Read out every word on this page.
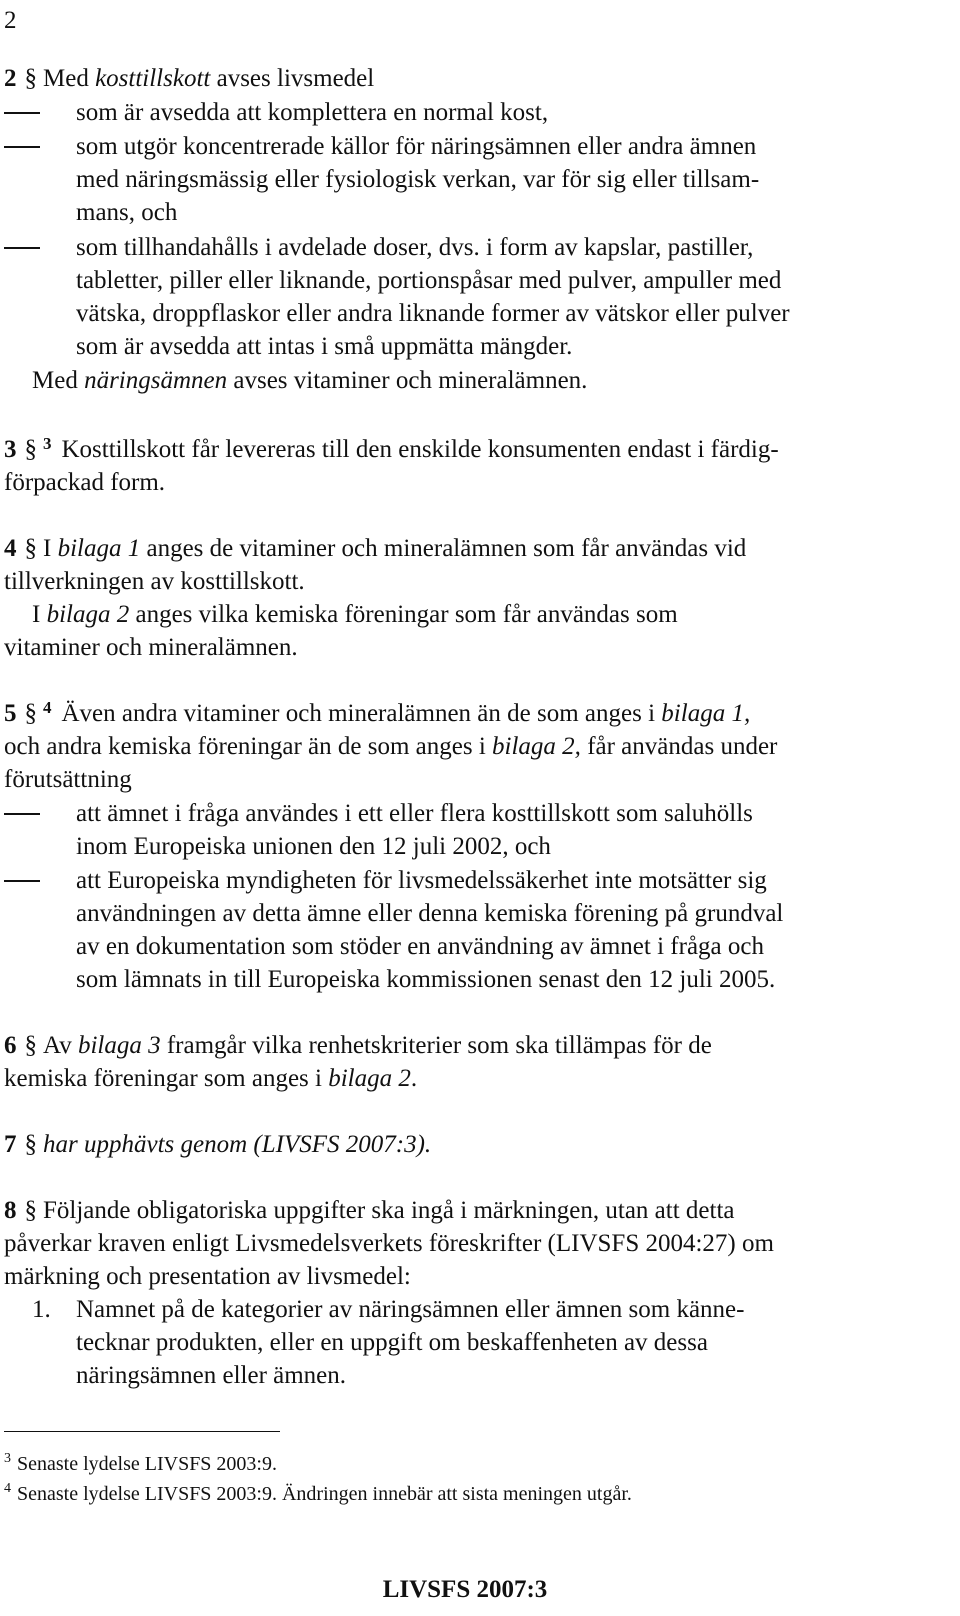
2
2 § Med kosttillskott avses livsmedel
som är avsedda att komplettera en normal kost,
som utgör koncentrerade källor för näringsämnen eller andra ämnen
med näringsmässig eller fysiologisk verkan, var för sig eller tillsam-
mans, och
som tillhandahålls i avdelade doser, dvs. i form av kapslar, pastiller,
tabletter, piller eller liknande, portionspåsar med pulver, ampuller med
vätska, droppflaskor eller andra liknande former av vätskor eller pulver
som är avsedda att intas i små uppmätta mängder.
Med näringsämnen avses vitaminer och mineralämnen.
3 § $^3$ Kosttillskott får levereras till den enskilde konsumenten endast i färdig-
förpackad form.
4 § I bilaga 1 anges de vitaminer och mineralämnen som får användas vid
tillverkningen av kosttillskott.
I bilaga 2 anges vilka kemiska föreningar som får användas som
vitaminer och mineralämnen.
5 § $^4$ Även andra vitaminer och mineralämnen än de som anges i bilaga 1,
och andra kemiska föreningar än de som anges i bilaga 2, får användas under
förutsättning
att ämnet i fråga användes i ett eller flera kosttillskott som saluhölls
inom Europeiska unionen den 12 juli 2002, och
att Europeiska myndigheten för livsmedelssäkerhet inte motsätter sig
användningen av detta ämne eller denna kemiska förening på grundval
av en dokumentation som stöder en användning av ämnet i fråga och
som lämnats in till Europeiska kommissionen senast den 12 juli 2005.
6 § Av bilaga 3 framgår vilka renhetskriterier som ska tillämpas för de
kemiska föreningar som anges i bilaga 2.
7 § har upphävts genom (LIVSFS 2007:3).
8 § Följande obligatoriska uppgifter ska ingå i märkningen, utan att detta
påverkar kraven enligt Livsmedelsverkets föreskrifter (LIVSFS 2004:27) om
märkning och presentation av livsmedel:
1. Namnet på de kategorier av näringsämnen eller ämnen som känne-
tecknar produkten, eller en uppgift om beskaffenheten av dessa
näringsämnen eller ämnen.
$^3$ Senaste lydelse LIVSFS 2003:9.
$^4$ Senaste lydelse LIVSFS 2003:9. Ändringen innebär att sista meningen utgår.
LIVSFS 2007:3
